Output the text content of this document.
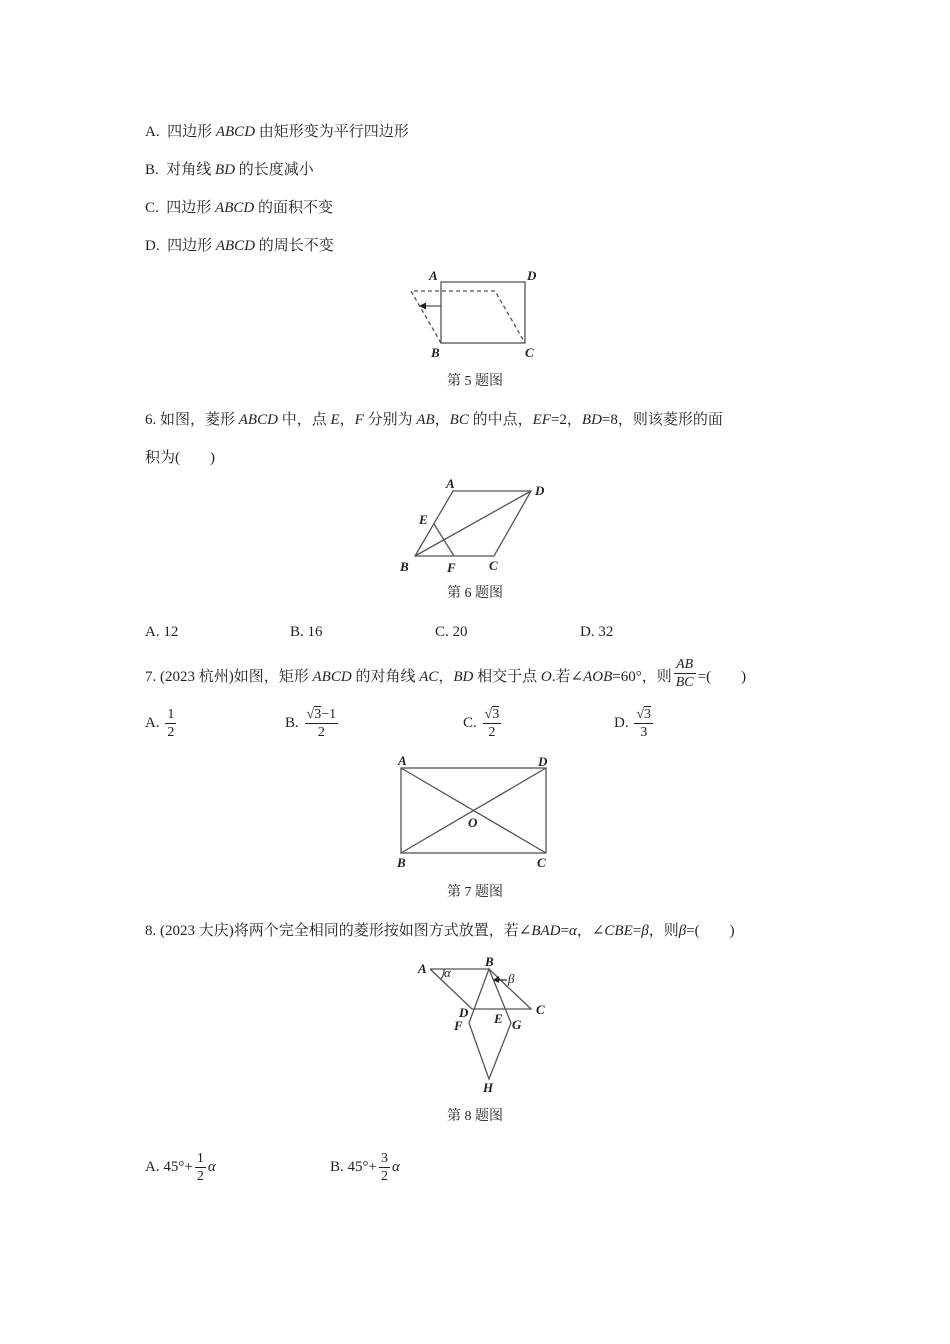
A. 四边形 ABCD 由矩形变为平行四边形
B. 对角线 BD 的长度减小
C. 四边形 ABCD 的面积不变
D. 四边形 ABCD 的周长不变
A	D
B	C
A	D
E
B	F	C
A	D
O
B	C
A α
B
β
C
D E
F	G
H
第 5 题图
6. 如图，菱形 ABCD 中，点 E，F 分别为 AB，BC 的中点，EF=2，BD=8，则该菱形的面
积为(　　)
第 6 题图
A. 12	B. 16	C. 20	D. 32
7. (2023 杭州)如图，矩形 ABCD 的对角线 AC，BD 相交于点 O.若∠AOB=60°，则 $\frac{AB}{BC}$ =(　　)
A. $\frac{1}{2}$	B. $\frac{√3-1}{2}$	C. $\frac{√3}{2}$	D. $\frac{√3}{3}$
第 7 题图
8. (2023 大庆)将两个完全相同的菱形按如图方式放置，若∠BAD=α，∠CBE=β，则β=(　　)
第 8 题图
A. $45^\circ+ \frac{1}{2}$ α	B. $45^\circ+ \frac{3}{2}$ α
